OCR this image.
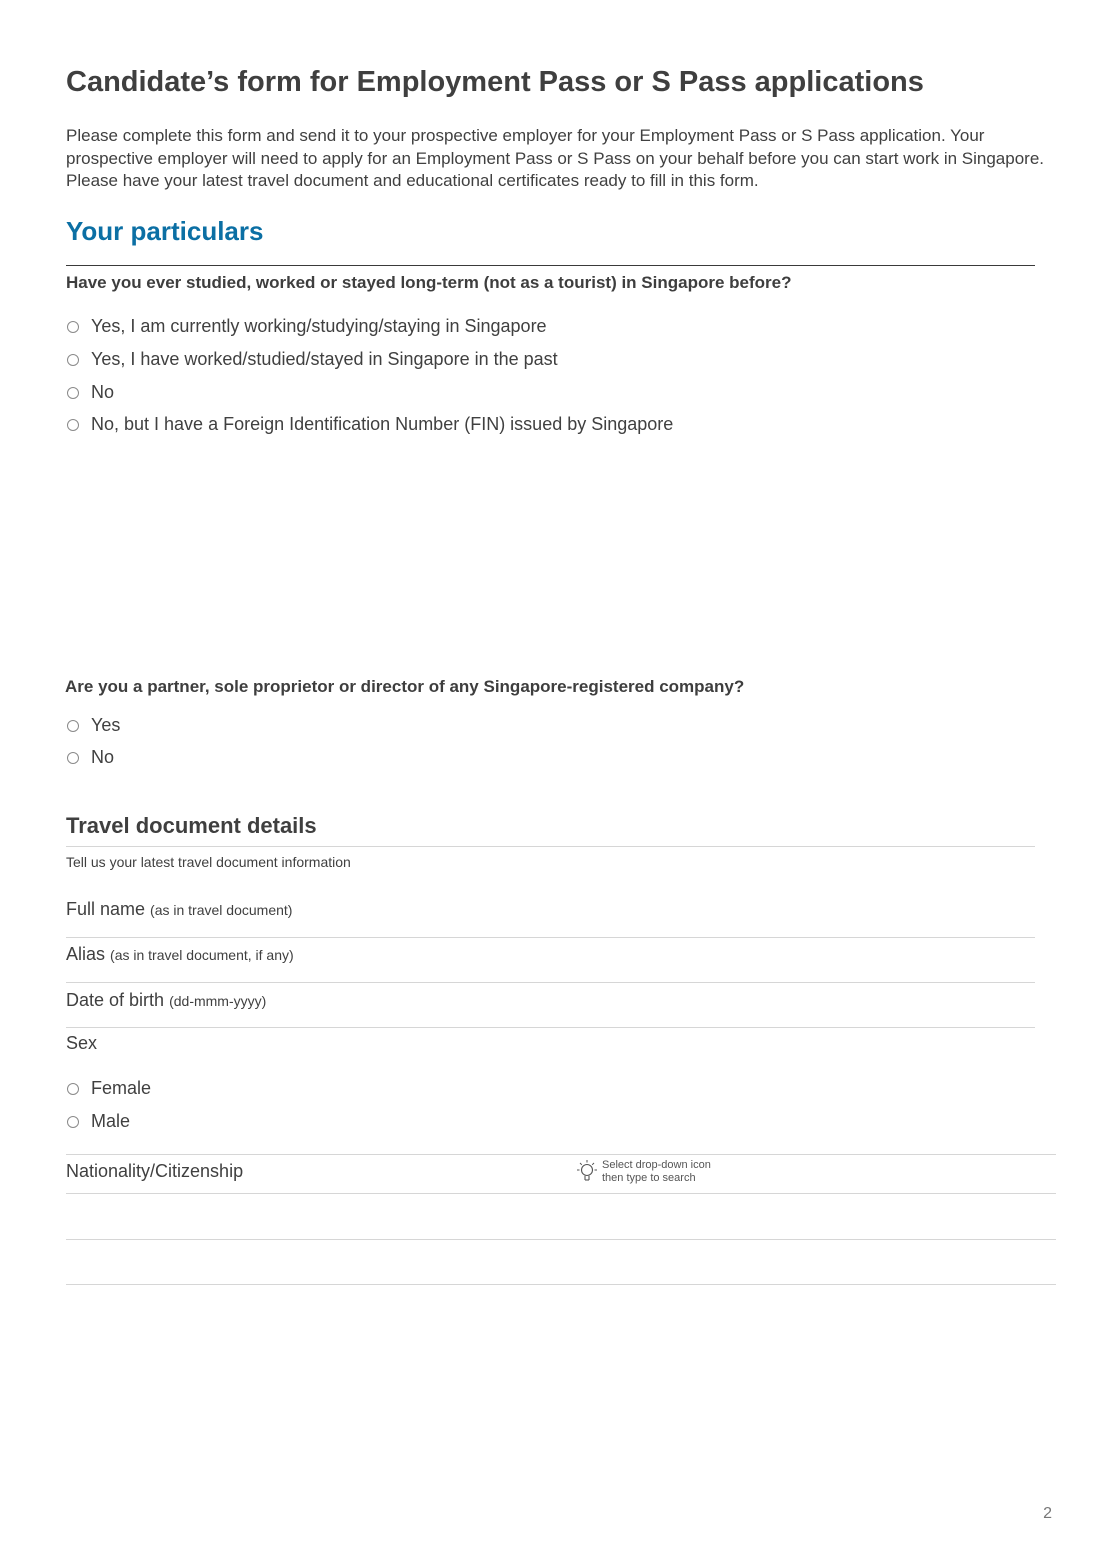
Candidate’s form for Employment Pass or S Pass applications
Please complete this form and send it to your prospective employer for your Employment Pass or S Pass application. Your prospective employer will need to apply for an Employment Pass or S Pass on your behalf before you can start work in Singapore. Please have your latest travel document and educational certificates ready to fill in this form.
Your particulars
Have you ever studied, worked or stayed long-term (not as a tourist) in Singapore before?
Yes, I am currently working/studying/staying in Singapore
Yes, I have worked/studied/stayed in Singapore in the past
No
No, but I have a Foreign Identification Number (FIN) issued by Singapore
Are you a partner, sole proprietor or director of any Singapore-registered company?
Yes
No
Travel document details
Tell us your latest travel document information
Full name (as in travel document)
Alias (as in travel document, if any)
Date of birth (dd-mmm-yyyy)
Sex
Female
Male
Nationality/Citizenship	Select drop-down icon
then type to search
2
